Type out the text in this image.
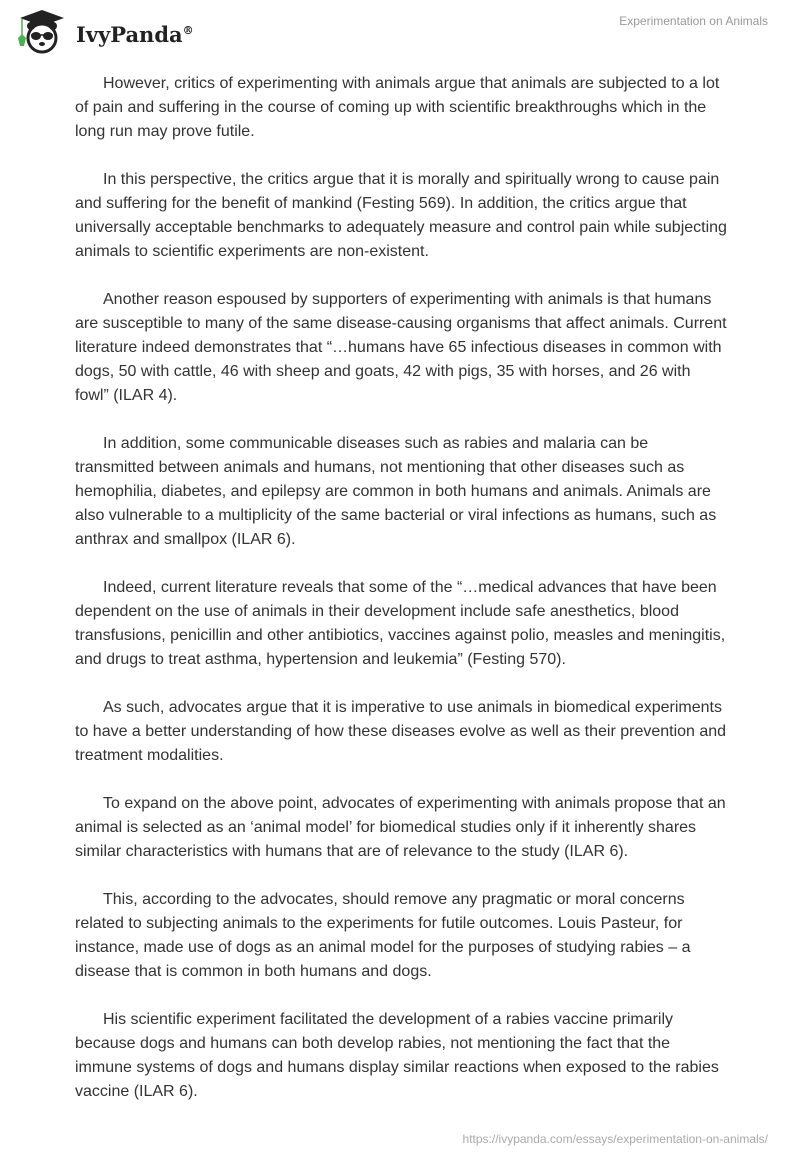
IvyPanda®
Experimentation on Animals

However, critics of experimenting with animals argue that animals are subjected to a lot of pain and suffering in the course of coming up with scientific breakthroughs which in the long run may prove futile.

In this perspective, the critics argue that it is morally and spiritually wrong to cause pain and suffering for the benefit of mankind (Festing 569). In addition, the critics argue that universally acceptable benchmarks to adequately measure and control pain while subjecting animals to scientific experiments are non-existent.

Another reason espoused by supporters of experimenting with animals is that humans are susceptible to many of the same disease-causing organisms that affect animals. Current literature indeed demonstrates that “…humans have 65 infectious diseases in common with dogs, 50 with cattle, 46 with sheep and goats, 42 with pigs, 35 with horses, and 26 with fowl” (ILAR 4).

In addition, some communicable diseases such as rabies and malaria can be transmitted between animals and humans, not mentioning that other diseases such as hemophilia, diabetes, and epilepsy are common in both humans and animals. Animals are also vulnerable to a multiplicity of the same bacterial or viral infections as humans, such as anthrax and smallpox (ILAR 6).

Indeed, current literature reveals that some of the “…medical advances that have been dependent on the use of animals in their development include safe anesthetics, blood transfusions, penicillin and other antibiotics, vaccines against polio, measles and meningitis, and drugs to treat asthma, hypertension and leukemia” (Festing 570).

As such, advocates argue that it is imperative to use animals in biomedical experiments to have a better understanding of how these diseases evolve as well as their prevention and treatment modalities.

To expand on the above point, advocates of experimenting with animals propose that an animal is selected as an ‘animal model’ for biomedical studies only if it inherently shares similar characteristics with humans that are of relevance to the study (ILAR 6).

This, according to the advocates, should remove any pragmatic or moral concerns related to subjecting animals to the experiments for futile outcomes. Louis Pasteur, for instance, made use of dogs as an animal model for the purposes of studying rabies – a disease that is common in both humans and dogs.

His scientific experiment facilitated the development of a rabies vaccine primarily because dogs and humans can both develop rabies, not mentioning the fact that the immune systems of dogs and humans display similar reactions when exposed to the rabies vaccine (ILAR 6).

https://ivypanda.com/essays/experimentation-on-animals/
